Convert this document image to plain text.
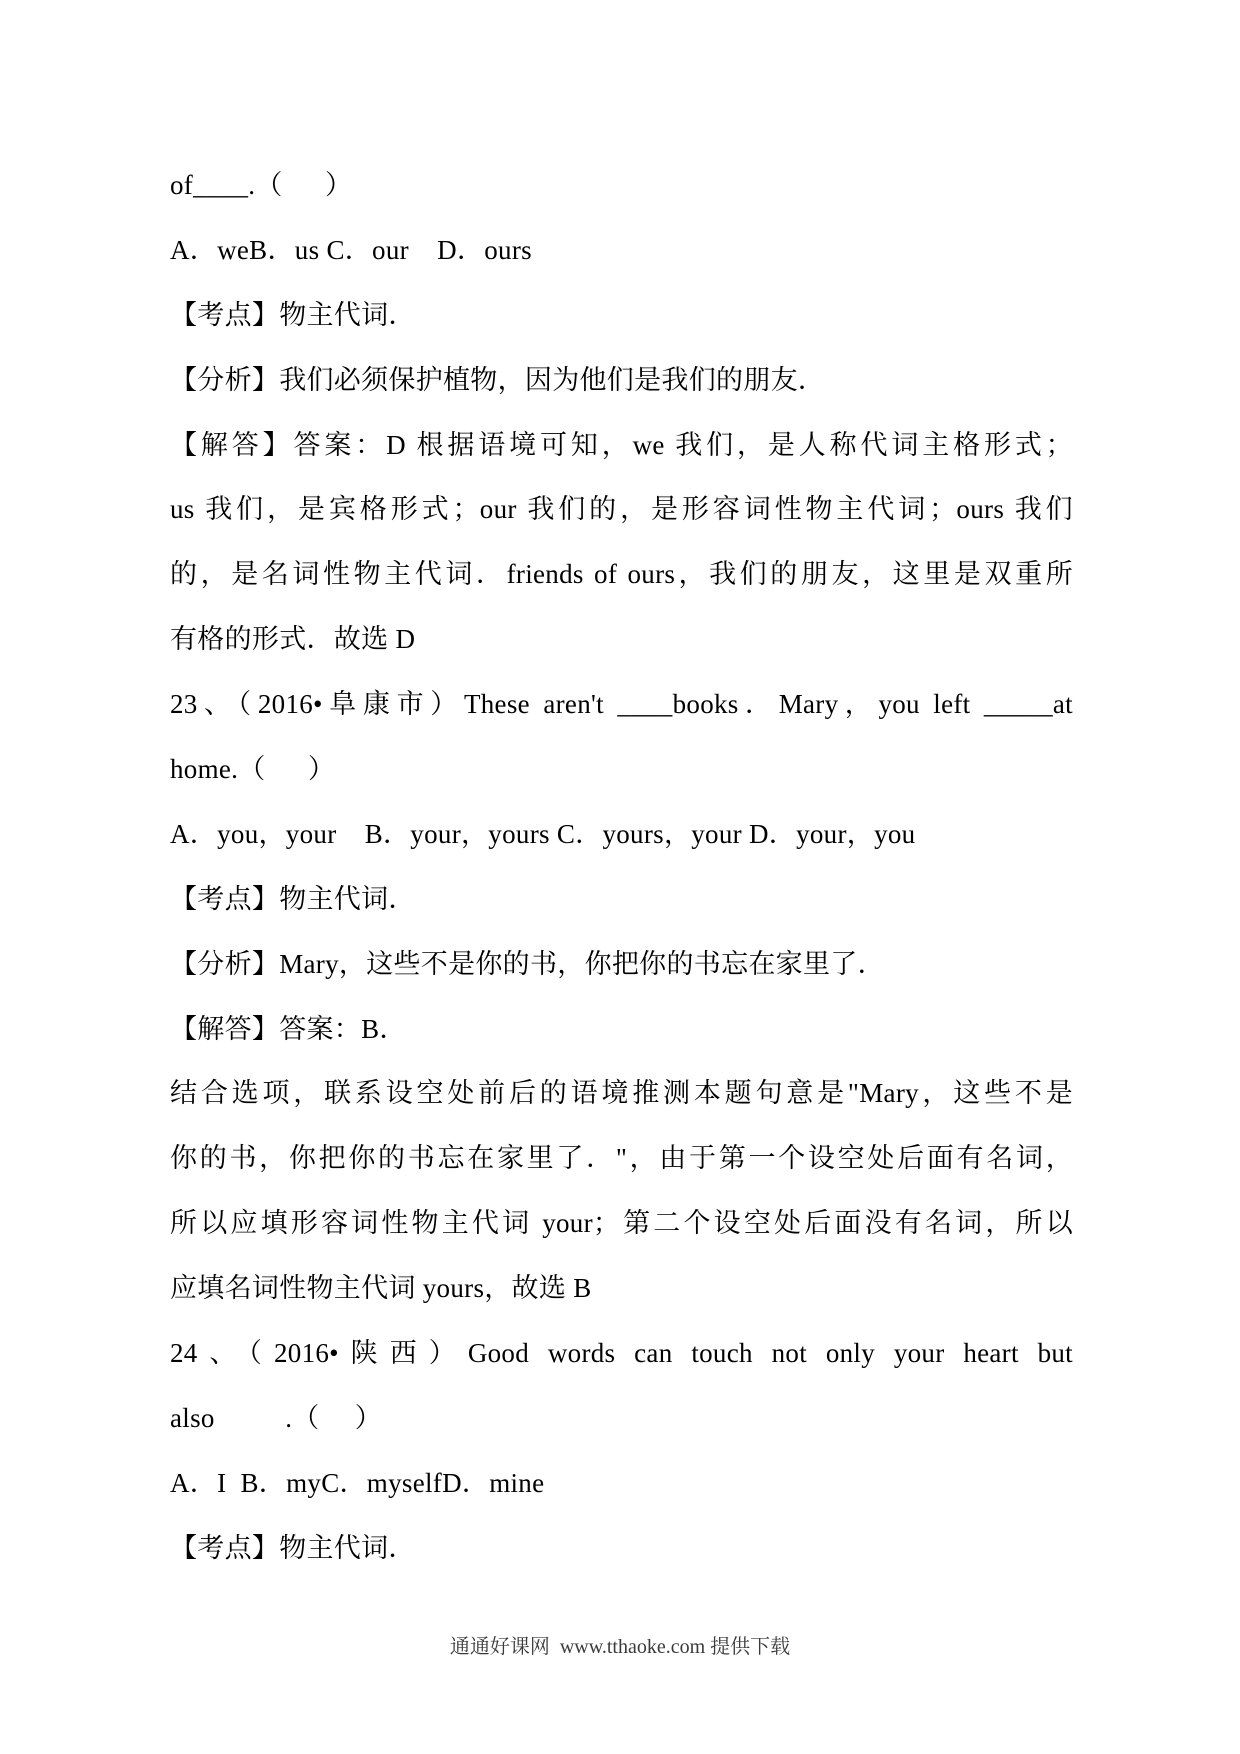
of____.（      ）
A．weB．us C．our    D．ours
【考点】物主代词．
【分析】我们必须保护植物，因为他们是我们的朋友．
【解答】答案：D 根据语境可知，we 我们，是人称代词主格形式；
us 我们，是宾格形式；our 我们的，是形容词性物主代词；ours 我们
的，是名词性物主代词．friends of ours，我们的朋友，这里是双重所
有格的形式．故选 D
23、（2016•阜康市）These aren't ____books．Mary，you left _____at
home.（      ）
A．you，your    B．your，yours C．yours，your D．your，you
【考点】物主代词．
【分析】Mary，这些不是你的书，你把你的书忘在家里了．
【解答】答案：B．
结合选项，联系设空处前后的语境推测本题句意是"Mary，这些不是
你的书，你把你的书忘在家里了．"，由于第一个设空处后面有名词，
所以应填形容词性物主代词 your；第二个设空处后面没有名词，所以
应填名词性物主代词 yours，故选 B
24、（2016•陕西）Good words can touch not only your heart but
also          .（     ）
A．I  B．myC．myselfD．mine
【考点】物主代词．
通通好课网  www.tthaoke.com 提供下载
